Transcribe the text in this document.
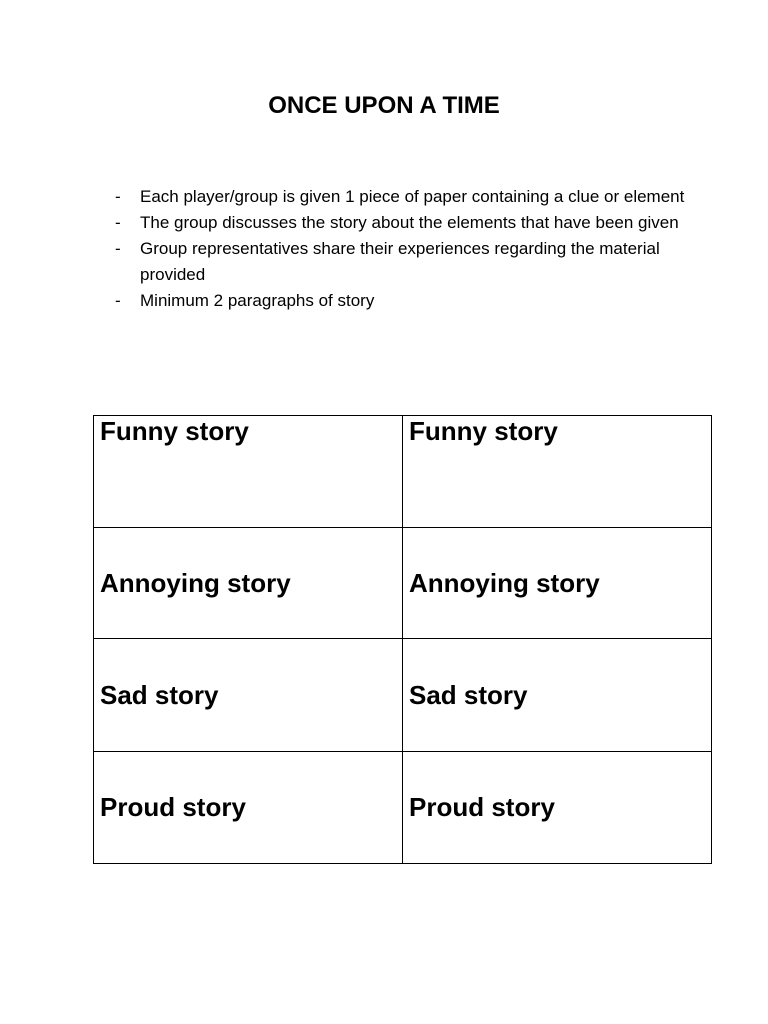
ONCE UPON A TIME
- Each player/group is given 1 piece of paper containing a clue or element
- The group discusses the story about the elements that have been given
- Group representatives share their experiences regarding the material provided
- Minimum 2 paragraphs of story
Funny story	Funny story
Annoying story	Annoying story
Sad story	Sad story
Proud story	Proud story
